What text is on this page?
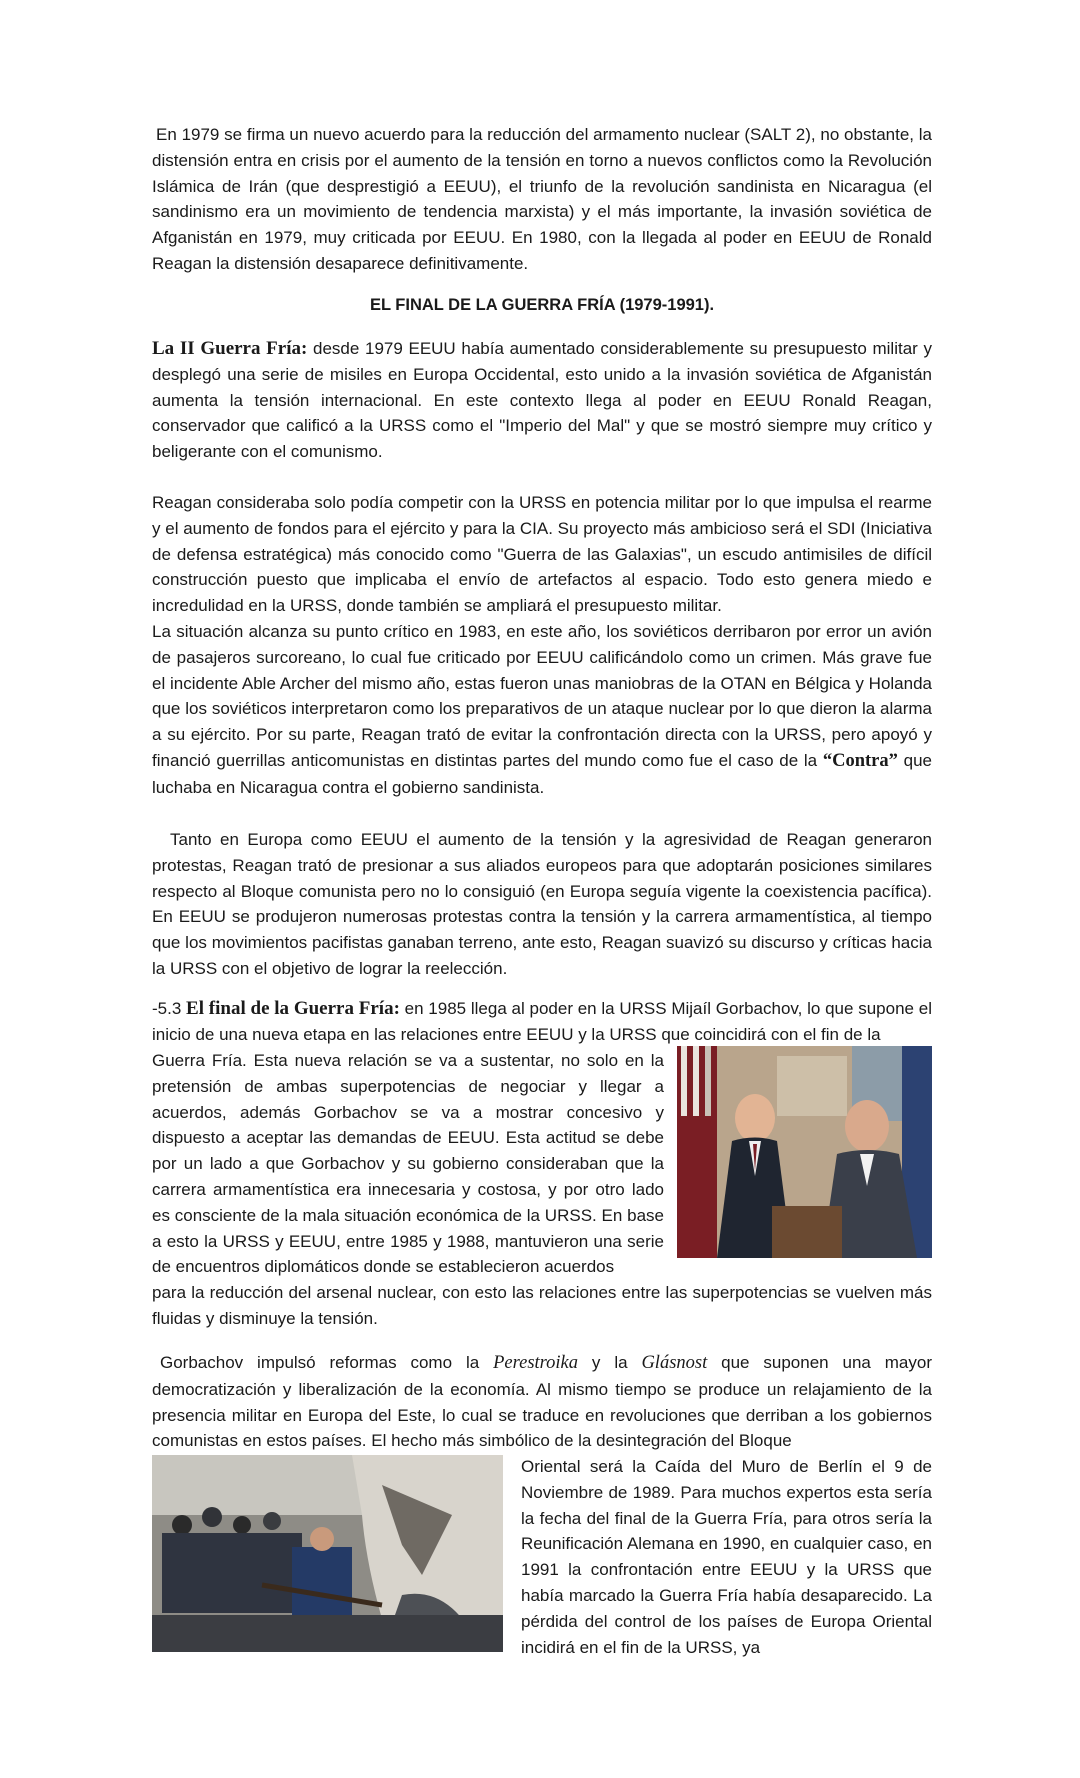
En 1979 se firma un nuevo acuerdo para la reducción del armamento nuclear (SALT 2), no obstante, la distensión entra en crisis por el aumento de la tensión en torno a nuevos conflictos como la Revolución Islámica de Irán (que desprestigió a EEUU), el triunfo de la revolución sandinista en Nicaragua (el sandinismo era un movimiento de tendencia marxista) y el más importante, la invasión soviética de Afganistán en 1979, muy criticada por EEUU. En 1980, con la llegada al poder en EEUU de Ronald Reagan la distensión desaparece definitivamente.

EL FINAL DE LA GUERRA FRÍA (1979-1991).

La II Guerra Fría: desde 1979 EEUU había aumentado considerablemente su presupuesto militar y desplegó una serie de misiles en Europa Occidental, esto unido a la invasión soviética de Afganistán aumenta la tensión internacional. En este contexto llega al poder en EEUU Ronald Reagan, conservador que calificó a la URSS como el "Imperio del Mal" y que se mostró siempre muy crítico y beligerante con el comunismo.

Reagan consideraba solo podía competir con la URSS en potencia militar por lo que impulsa el rearme y el aumento de fondos para el ejército y para la CIA. Su proyecto más ambicioso será el SDI (Iniciativa de defensa estratégica) más conocido como "Guerra de las Galaxias", un escudo antimisiles de difícil construcción puesto que implicaba el envío de artefactos al espacio. Todo esto genera miedo e incredulidad en la URSS, donde también se ampliará el presupuesto militar.

La situación alcanza su punto crítico en 1983, en este año, los soviéticos derribaron por error un avión de pasajeros surcoreano, lo cual fue criticado por EEUU calificándolo como un crimen. Más grave fue el incidente Able Archer del mismo año, estas fueron unas maniobras de la OTAN en Bélgica y Holanda que los soviéticos interpretaron como los preparativos de un ataque nuclear por lo que dieron la alarma a su ejército. Por su parte, Reagan trató de evitar la confrontación directa con la URSS, pero apoyó y financió guerrillas anticomunistas en distintas partes del mundo como fue el caso de la “Contra” que luchaba en Nicaragua contra el gobierno sandinista.

Tanto en Europa como EEUU el aumento de la tensión y la agresividad de Reagan generaron protestas, Reagan trató de presionar a sus aliados europeos para que adoptarán posiciones similares respecto al Bloque comunista pero no lo consiguió (en Europa seguía vigente la coexistencia pacífica). En EEUU se produjeron numerosas protestas contra la tensión y la carrera armamentística, al tiempo que los movimientos pacifistas ganaban terreno, ante esto, Reagan suavizó su discurso y críticas hacia la URSS con el objetivo de lograr la reelección.

-5.3 El final de la Guerra Fría: en 1985 llega al poder en la URSS Mijaíl Gorbachov, lo que supone el inicio de una nueva etapa en las relaciones entre EEUU y la URSS que coincidirá con el fin de la

Guerra Fría. Esta nueva relación se va a sustentar, no solo en la pretensión de ambas superpotencias de negociar y llegar a acuerdos, además Gorbachov se va a mostrar concesivo y dispuesto a aceptar las demandas de EEUU. Esta actitud se debe por un lado a que Gorbachov y su gobierno consideraban que la carrera armamentística era innecesaria y costosa, y por otro lado es consciente de la mala situación económica de la URSS. En base a esto la URSS y EEUU, entre 1985 y 1988, mantuvieron una serie de encuentros diplomáticos donde se establecieron acuerdos

para la reducción del arsenal nuclear, con esto las relaciones entre las superpotencias se vuelven más fluidas y disminuye la tensión.

Gorbachov impulsó reformas como la Perestroika y la Glásnost que suponen una mayor democratización y liberalización de la economía. Al mismo tiempo se produce un relajamiento de la presencia militar en Europa del Este, lo cual se traduce en revoluciones que derriban a los gobiernos comunistas en estos países. El hecho más simbólico de la desintegración del Bloque

Oriental será la Caída del Muro de Berlín el 9 de Noviembre de 1989. Para muchos expertos esta sería la fecha del final de la Guerra Fría, para otros sería la Reunificación Alemana en 1990, en cualquier caso, en 1991 la confrontación entre EEUU y la URSS que había marcado la Guerra Fría había desaparecido. La pérdida del control de los países de Europa Oriental incidirá en el fin de la URSS, ya
